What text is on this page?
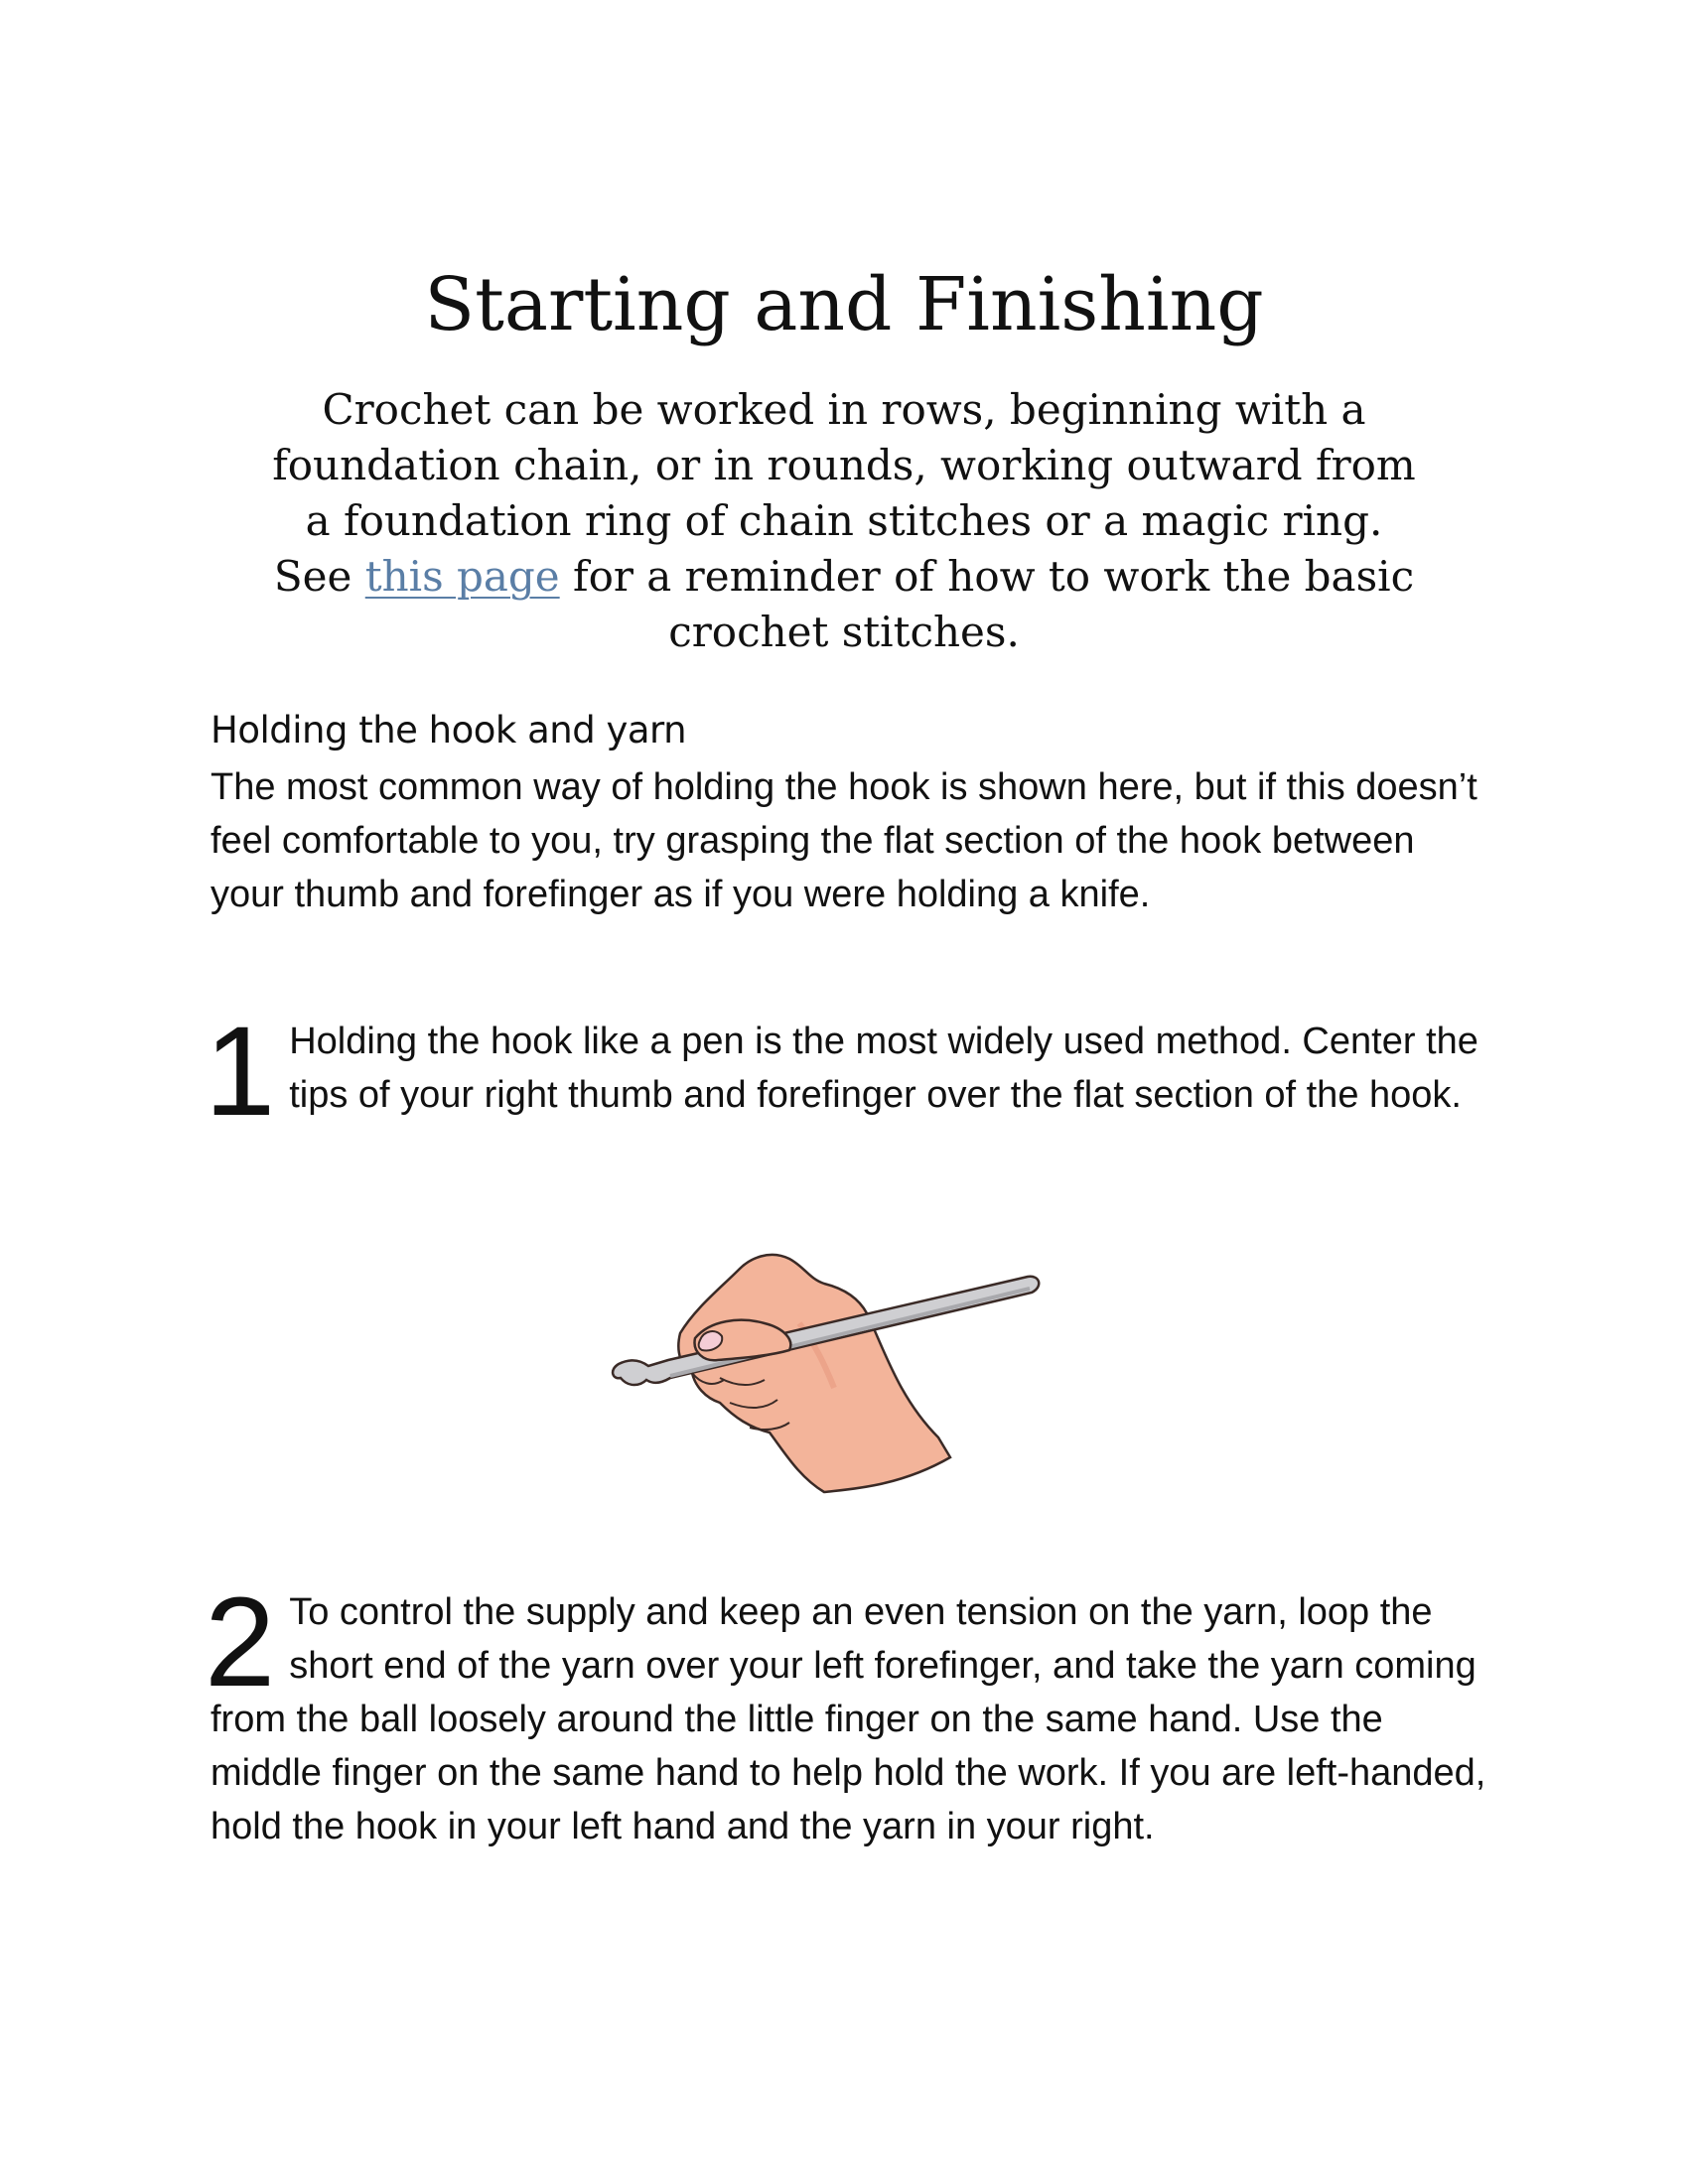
Starting and Finishing

Crochet can be worked in rows, beginning with a foundation chain, or in rounds, working outward from a foundation ring of chain stitches or a magic ring. See this page for a reminder of how to work the basic crochet stitches.

Holding the hook and yarn

The most common way of holding the hook is shown here, but if this doesn’t feel comfortable to you, try grasping the flat section of the hook between your thumb and forefinger as if you were holding a knife.

1 Holding the hook like a pen is the most widely used method. Center the tips of your right thumb and forefinger over the flat section of the hook.
2 To control the supply and keep an even tension on the yarn, loop the short end of the yarn over your left forefinger, and take the yarn coming from the ball loosely around the little finger on the same hand. Use the middle finger on the same hand to help hold the work. If you are left-handed, hold the hook in your left hand and the yarn in your right.
